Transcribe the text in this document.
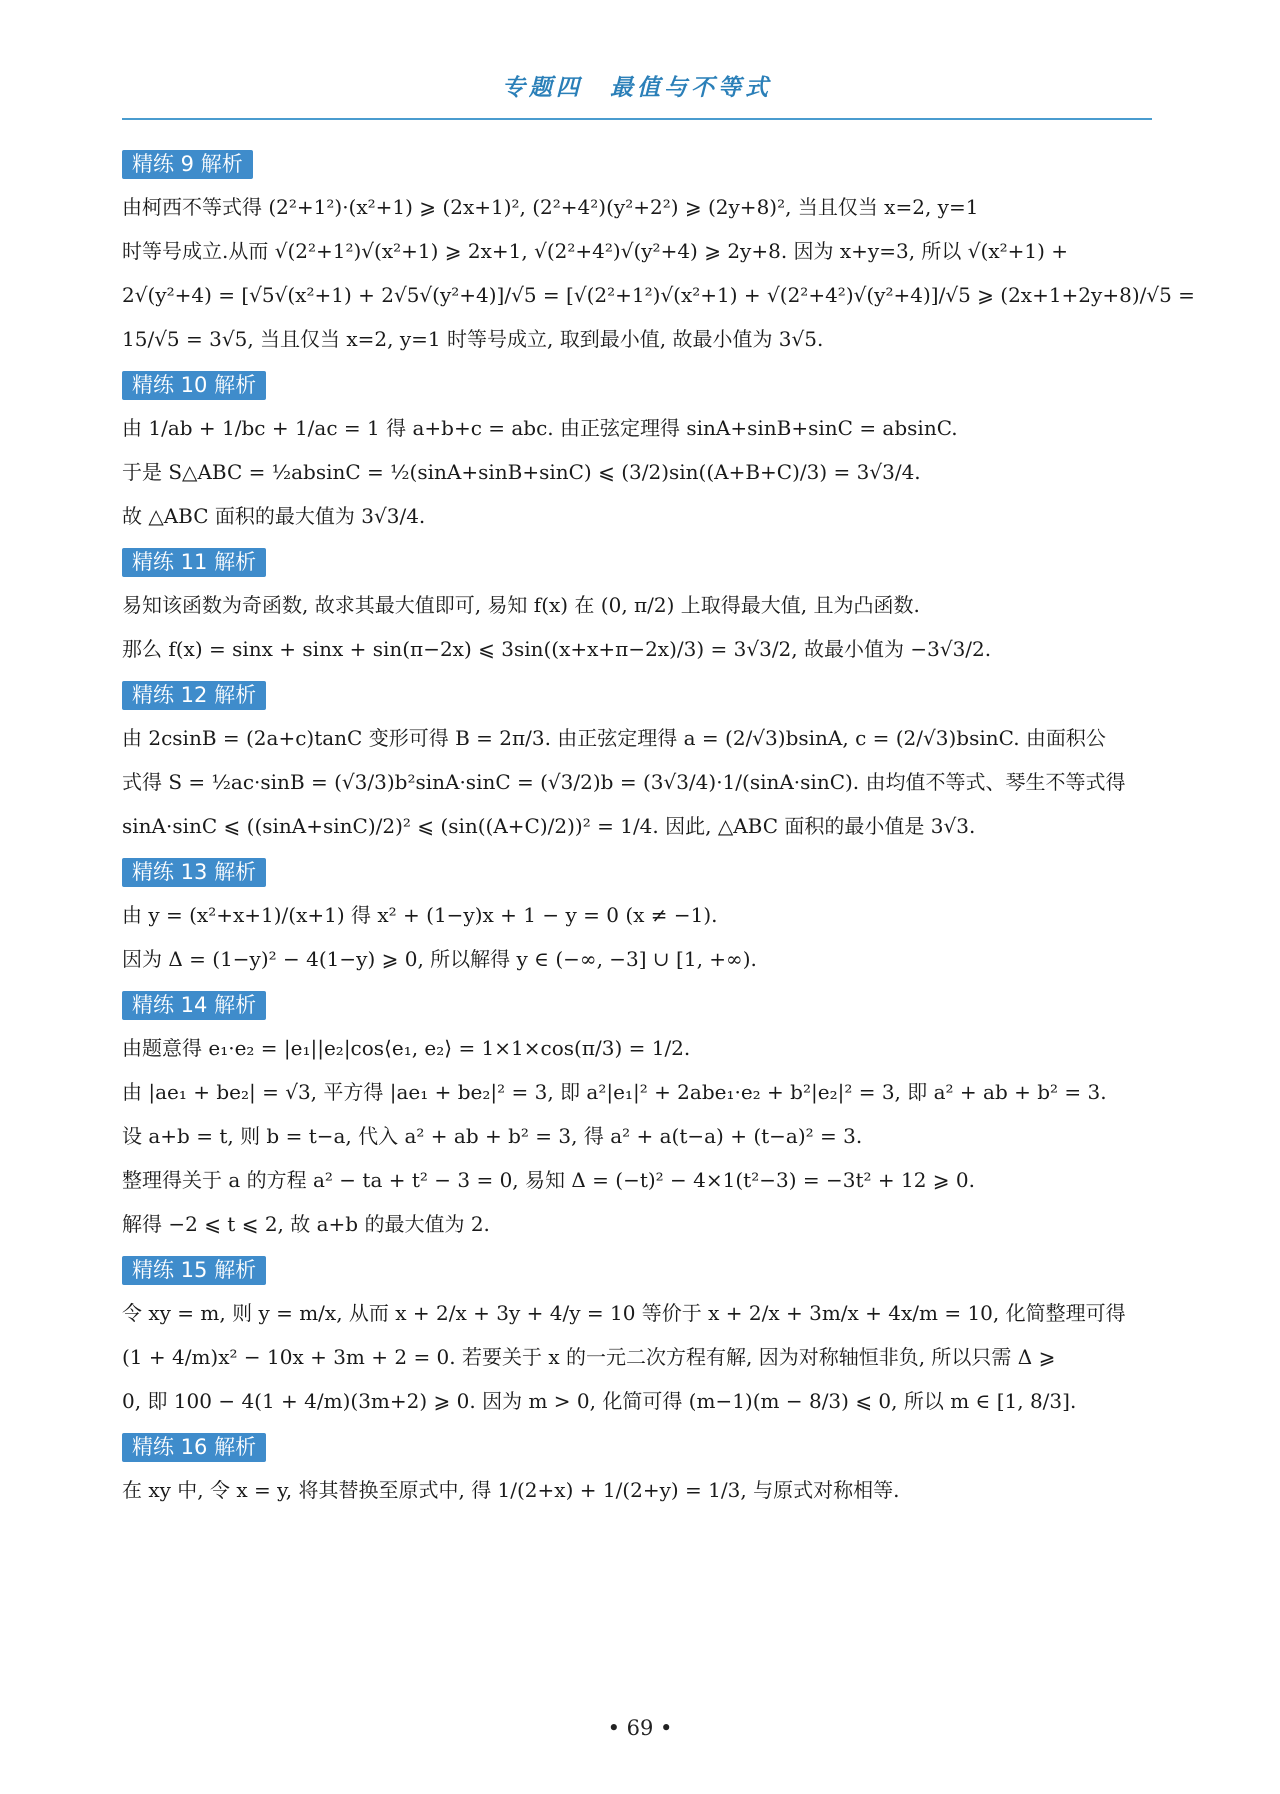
专题四　最值与不等式
精练 9 解析
由柯西不等式得 (2²+1²)·(x²+1) ⩾ (2x+1)², (2²+4²)(y²+2²) ⩾ (2y+8)², 当且仅当 x=2, y=1
时等号成立.从而 √(2²+1²)√(x²+1) ⩾ 2x+1, √(2²+4²)√(y²+4) ⩾ 2y+8. 因为 x+y=3, 所以 √(x²+1) +
2√(y²+4) = [√5√(x²+1) + 2√5√(y²+4)]/√5 = [√(2²+1²)√(x²+1) + √(2²+4²)√(y²+4)]/√5 ⩾ (2x+1+2y+8)/√5 =
15/√5 = 3√5, 当且仅当 x=2, y=1 时等号成立, 取到最小值, 故最小值为 3√5.
精练 10 解析
由 1/ab + 1/bc + 1/ac = 1 得 a+b+c = abc. 由正弦定理得 sinA+sinB+sinC = absinC.
于是 S△ABC = ½absinC = ½(sinA+sinB+sinC) ⩽ (3/2)sin((A+B+C)/3) = 3√3/4.
故 △ABC 面积的最大值为 3√3/4.
精练 11 解析
易知该函数为奇函数, 故求其最大值即可, 易知 f(x) 在 (0, π/2) 上取得最大值, 且为凸函数.
那么 f(x) = sinx + sinx + sin(π−2x) ⩽ 3sin((x+x+π−2x)/3) = 3√3/2, 故最小值为 −3√3/2.
精练 12 解析
由 2csinB = (2a+c)tanC 变形可得 B = 2π/3. 由正弦定理得 a = (2/√3)bsinA, c = (2/√3)bsinC. 由面积公
式得 S = ½ac·sinB = (√3/3)b²sinA·sinC = (√3/2)b = (3√3/4)·1/(sinA·sinC). 由均值不等式、琴生不等式得
sinA·sinC ⩽ ((sinA+sinC)/2)² ⩽ (sin((A+C)/2))² = 1/4. 因此, △ABC 面积的最小值是 3√3.
精练 13 解析
由 y = (x²+x+1)/(x+1) 得 x² + (1−y)x + 1 − y = 0 (x ≠ −1).
因为 Δ = (1−y)² − 4(1−y) ⩾ 0, 所以解得 y ∈ (−∞, −3] ∪ [1, +∞).
精练 14 解析
由题意得 e₁·e₂ = |e₁||e₂|cos⟨e₁, e₂⟩ = 1×1×cos(π/3) = 1/2.
由 |ae₁ + be₂| = √3, 平方得 |ae₁ + be₂|² = 3, 即 a²|e₁|² + 2abe₁·e₂ + b²|e₂|² = 3, 即 a² + ab + b² = 3.
设 a+b = t, 则 b = t−a, 代入 a² + ab + b² = 3, 得 a² + a(t−a) + (t−a)² = 3.
整理得关于 a 的方程 a² − ta + t² − 3 = 0, 易知 Δ = (−t)² − 4×1(t²−3) = −3t² + 12 ⩾ 0.
解得 −2 ⩽ t ⩽ 2, 故 a+b 的最大值为 2.
精练 15 解析
令 xy = m, 则 y = m/x, 从而 x + 2/x + 3y + 4/y = 10 等价于 x + 2/x + 3m/x + 4x/m = 10, 化简整理可得
(1 + 4/m)x² − 10x + 3m + 2 = 0. 若要关于 x 的一元二次方程有解, 因为对称轴恒非负, 所以只需 Δ ⩾
0, 即 100 − 4(1 + 4/m)(3m+2) ⩾ 0. 因为 m > 0, 化简可得 (m−1)(m − 8/3) ⩽ 0, 所以 m ∈ [1, 8/3].
精练 16 解析
在 xy 中, 令 x = y, 将其替换至原式中, 得 1/(2+x) + 1/(2+y) = 1/3, 与原式对称相等.
• 69 •
